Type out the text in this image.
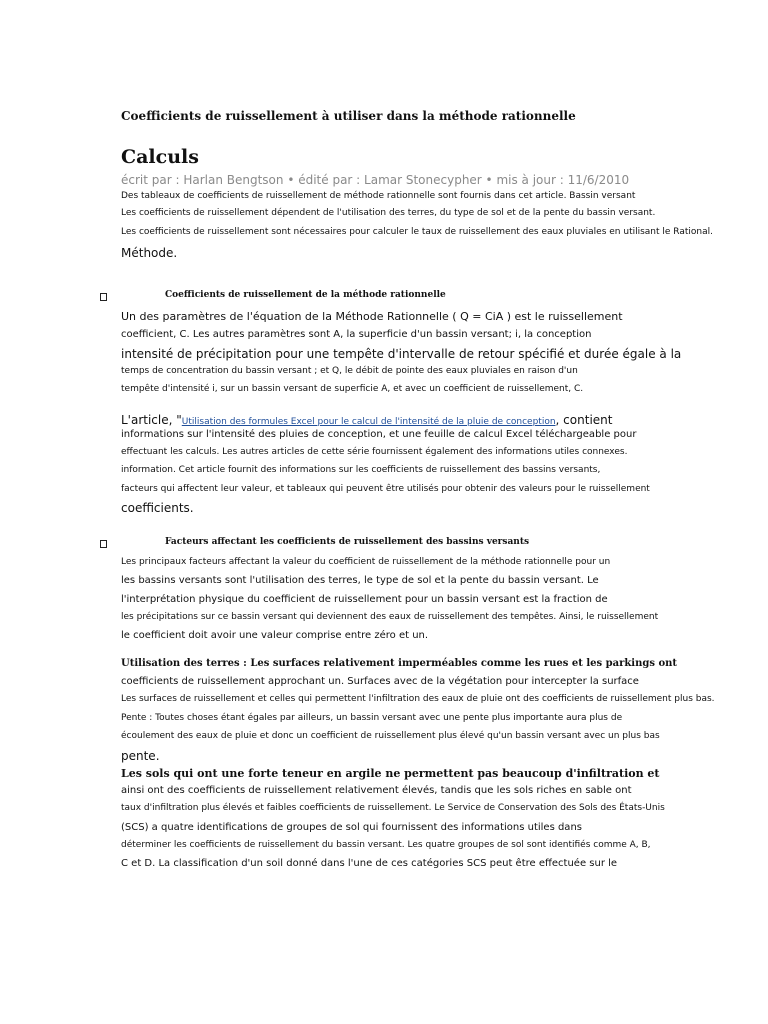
Coefficients de ruissellement à utiliser dans la méthode rationnelle
Calculs
écrit par : Harlan Bengtson • édité par : Lamar Stonecypher • mis à jour : 11/6/2010
Des tableaux de coefficients de ruissellement de méthode rationnelle sont fournis dans cet article. Bassin versant
Les coefficients de ruissellement dépendent de l'utilisation des terres, du type de sol et de la pente du bassin versant.
Les coefficients de ruissellement sont nécessaires pour calculer le taux de ruissellement des eaux pluviales en utilisant le Rational.
Méthode.
Coefficients de ruissellement de la méthode rationnelle
Un des paramètres de l'équation de la Méthode Rationnelle ( Q = CiA ) est le ruissellement
coefficient, C. Les autres paramètres sont A, la superficie d'un bassin versant; i, la conception
intensité de précipitation pour une tempête d'intervalle de retour spécifié et durée égale à la
temps de concentration du bassin versant ; et Q, le débit de pointe des eaux pluviales en raison d'un
tempête d'intensité i, sur un bassin versant de superficie A, et avec un coefficient de ruissellement, C.
L'article, "Utilisation des formules Excel pour le calcul de l'intensité de la pluie de conception, contient
informations sur l'intensité des pluies de conception, et une feuille de calcul Excel téléchargeable pour
effectuant les calculs. Les autres articles de cette série fournissent également des informations utiles connexes.
information. Cet article fournit des informations sur les coefficients de ruissellement des bassins versants,
facteurs qui affectent leur valeur, et tableaux qui peuvent être utilisés pour obtenir des valeurs pour le ruissellement
coefficients.
Facteurs affectant les coefficients de ruissellement des bassins versants
Les principaux facteurs affectant la valeur du coefficient de ruissellement de la méthode rationnelle pour un
les bassins versants sont l'utilisation des terres, le type de sol et la pente du bassin versant. Le
l'interprétation physique du coefficient de ruissellement pour un bassin versant est la fraction de
les précipitations sur ce bassin versant qui deviennent des eaux de ruissellement des tempêtes. Ainsi, le ruissellement
le coefficient doit avoir une valeur comprise entre zéro et un.
Utilisation des terres : Les surfaces relativement imperméables comme les rues et les parkings ont
coefficients de ruissellement approchant un. Surfaces avec de la végétation pour intercepter la surface
Les surfaces de ruissellement et celles qui permettent l'infiltration des eaux de pluie ont des coefficients de ruissellement plus bas.
Pente : Toutes choses étant égales par ailleurs, un bassin versant avec une pente plus importante aura plus de
écoulement des eaux de pluie et donc un coefficient de ruissellement plus élevé qu'un bassin versant avec un plus bas
pente.
Les sols qui ont une forte teneur en argile ne permettent pas beaucoup d'infiltration et
ainsi ont des coefficients de ruissellement relativement élevés, tandis que les sols riches en sable ont
taux d'infiltration plus élevés et faibles coefficients de ruissellement. Le Service de Conservation des Sols des États-Unis
(SCS) a quatre identifications de groupes de sol qui fournissent des informations utiles dans
déterminer les coefficients de ruissellement du bassin versant. Les quatre groupes de sol sont identifiés comme A, B,
C et D. La classification d'un soil donné dans l'une de ces catégories SCS peut être effectuée sur le
